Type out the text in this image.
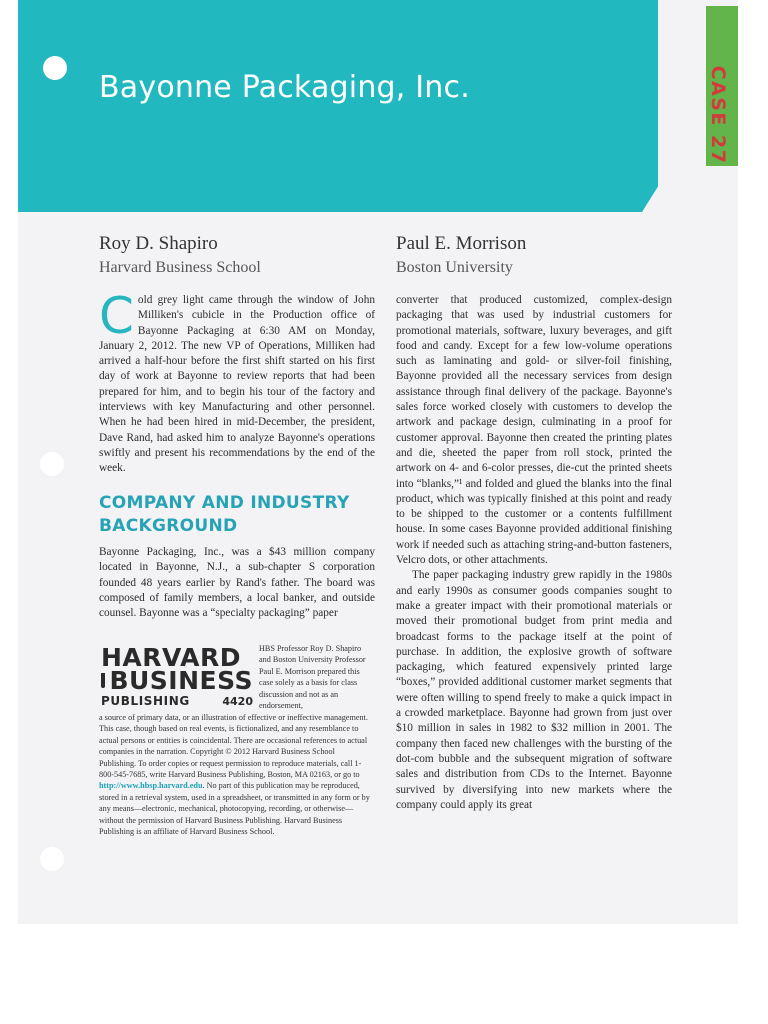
Bayonne Packaging, Inc.	CASE 27
Roy D. Shapiro
Harvard Business School
Paul E. Morrison
Boston University

Cold grey light came through the window of John Milliken's cubicle in the Production office of Bayonne Packaging at 6:30 AM on Monday, January 2, 2012. The new VP of Operations, Milliken had arrived a half-hour before the first shift started on his first day of work at Bayonne to review reports that had been prepared for him, and to begin his tour of the factory and interviews with key Manufacturing and other personnel. When he had been hired in mid-December, the president, Dave Rand, had asked him to analyze Bayonne's operations swiftly and present his recommendations by the end of the week.

COMPANY AND INDUSTRY
BACKGROUND

Bayonne Packaging, Inc., was a $43 million company located in Bayonne, N.J., a sub-chapter S corporation founded 48 years earlier by Rand's father. The board was composed of family members, a local banker, and outside counsel. Bayonne was a “specialty packaging” paper

HARVARD
BUSINESS
PUBLISHING	4420
HBS Professor Roy D. Shapiro and Boston University Professor Paul E. Morrison prepared this case solely as a basis for class discussion and not as an endorsement,
a source of primary data, or an illustration of effective or ineffective management. This case, though based on real events, is fictionalized, and any resemblance to actual persons or entities is coincidental. There are occasional references to actual companies in the narration. Copyright © 2012 Harvard Business School Publishing. To order copies or request permission to reproduce materials, call 1-800-545-7685, write Harvard Business Publishing, Boston, MA 02163, or go to http://www.hbsp.harvard.edu. No part of this publication may be reproduced, stored in a retrieval system, used in a spreadsheet, or transmitted in any form or by any means—electronic, mechanical, photocopying, recording, or otherwise—without the permission of Harvard Business Publishing. Harvard Business Publishing is an affiliate of Harvard Business School.

converter that produced customized, complex-design packaging that was used by industrial customers for promotional materials, software, luxury beverages, and gift food and candy. Except for a few low-volume operations such as laminating and gold- or silver-foil finishing, Bayonne provided all the necessary services from design assistance through final delivery of the package. Bayonne's sales force worked closely with customers to develop the artwork and package design, culminating in a proof for customer approval. Bayonne then created the printing plates and die, sheeted the paper from roll stock, printed the artwork on 4- and 6-color presses, die-cut the printed sheets into “blanks,”¹ and folded and glued the blanks into the final product, which was typically finished at this point and ready to be shipped to the customer or a contents fulfillment house. In some cases Bayonne provided additional finishing work if needed such as attaching string-and-button fasteners, Velcro dots, or other attachments.

The paper packaging industry grew rapidly in the 1980s and early 1990s as consumer goods companies sought to make a greater impact with their promotional materials or moved their promotional budget from print media and broadcast forms to the package itself at the point of purchase. In addition, the explosive growth of software packaging, which featured expensively printed large “boxes,” provided additional customer market segments that were often willing to spend freely to make a quick impact in a crowded marketplace. Bayonne had grown from just over $10 million in sales in 1982 to $32 million in 2001. The company then faced new challenges with the bursting of the dot-com bubble and the subsequent migration of software sales and distribution from CDs to the Internet. Bayonne survived by diversifying into new markets where the company could apply its great
